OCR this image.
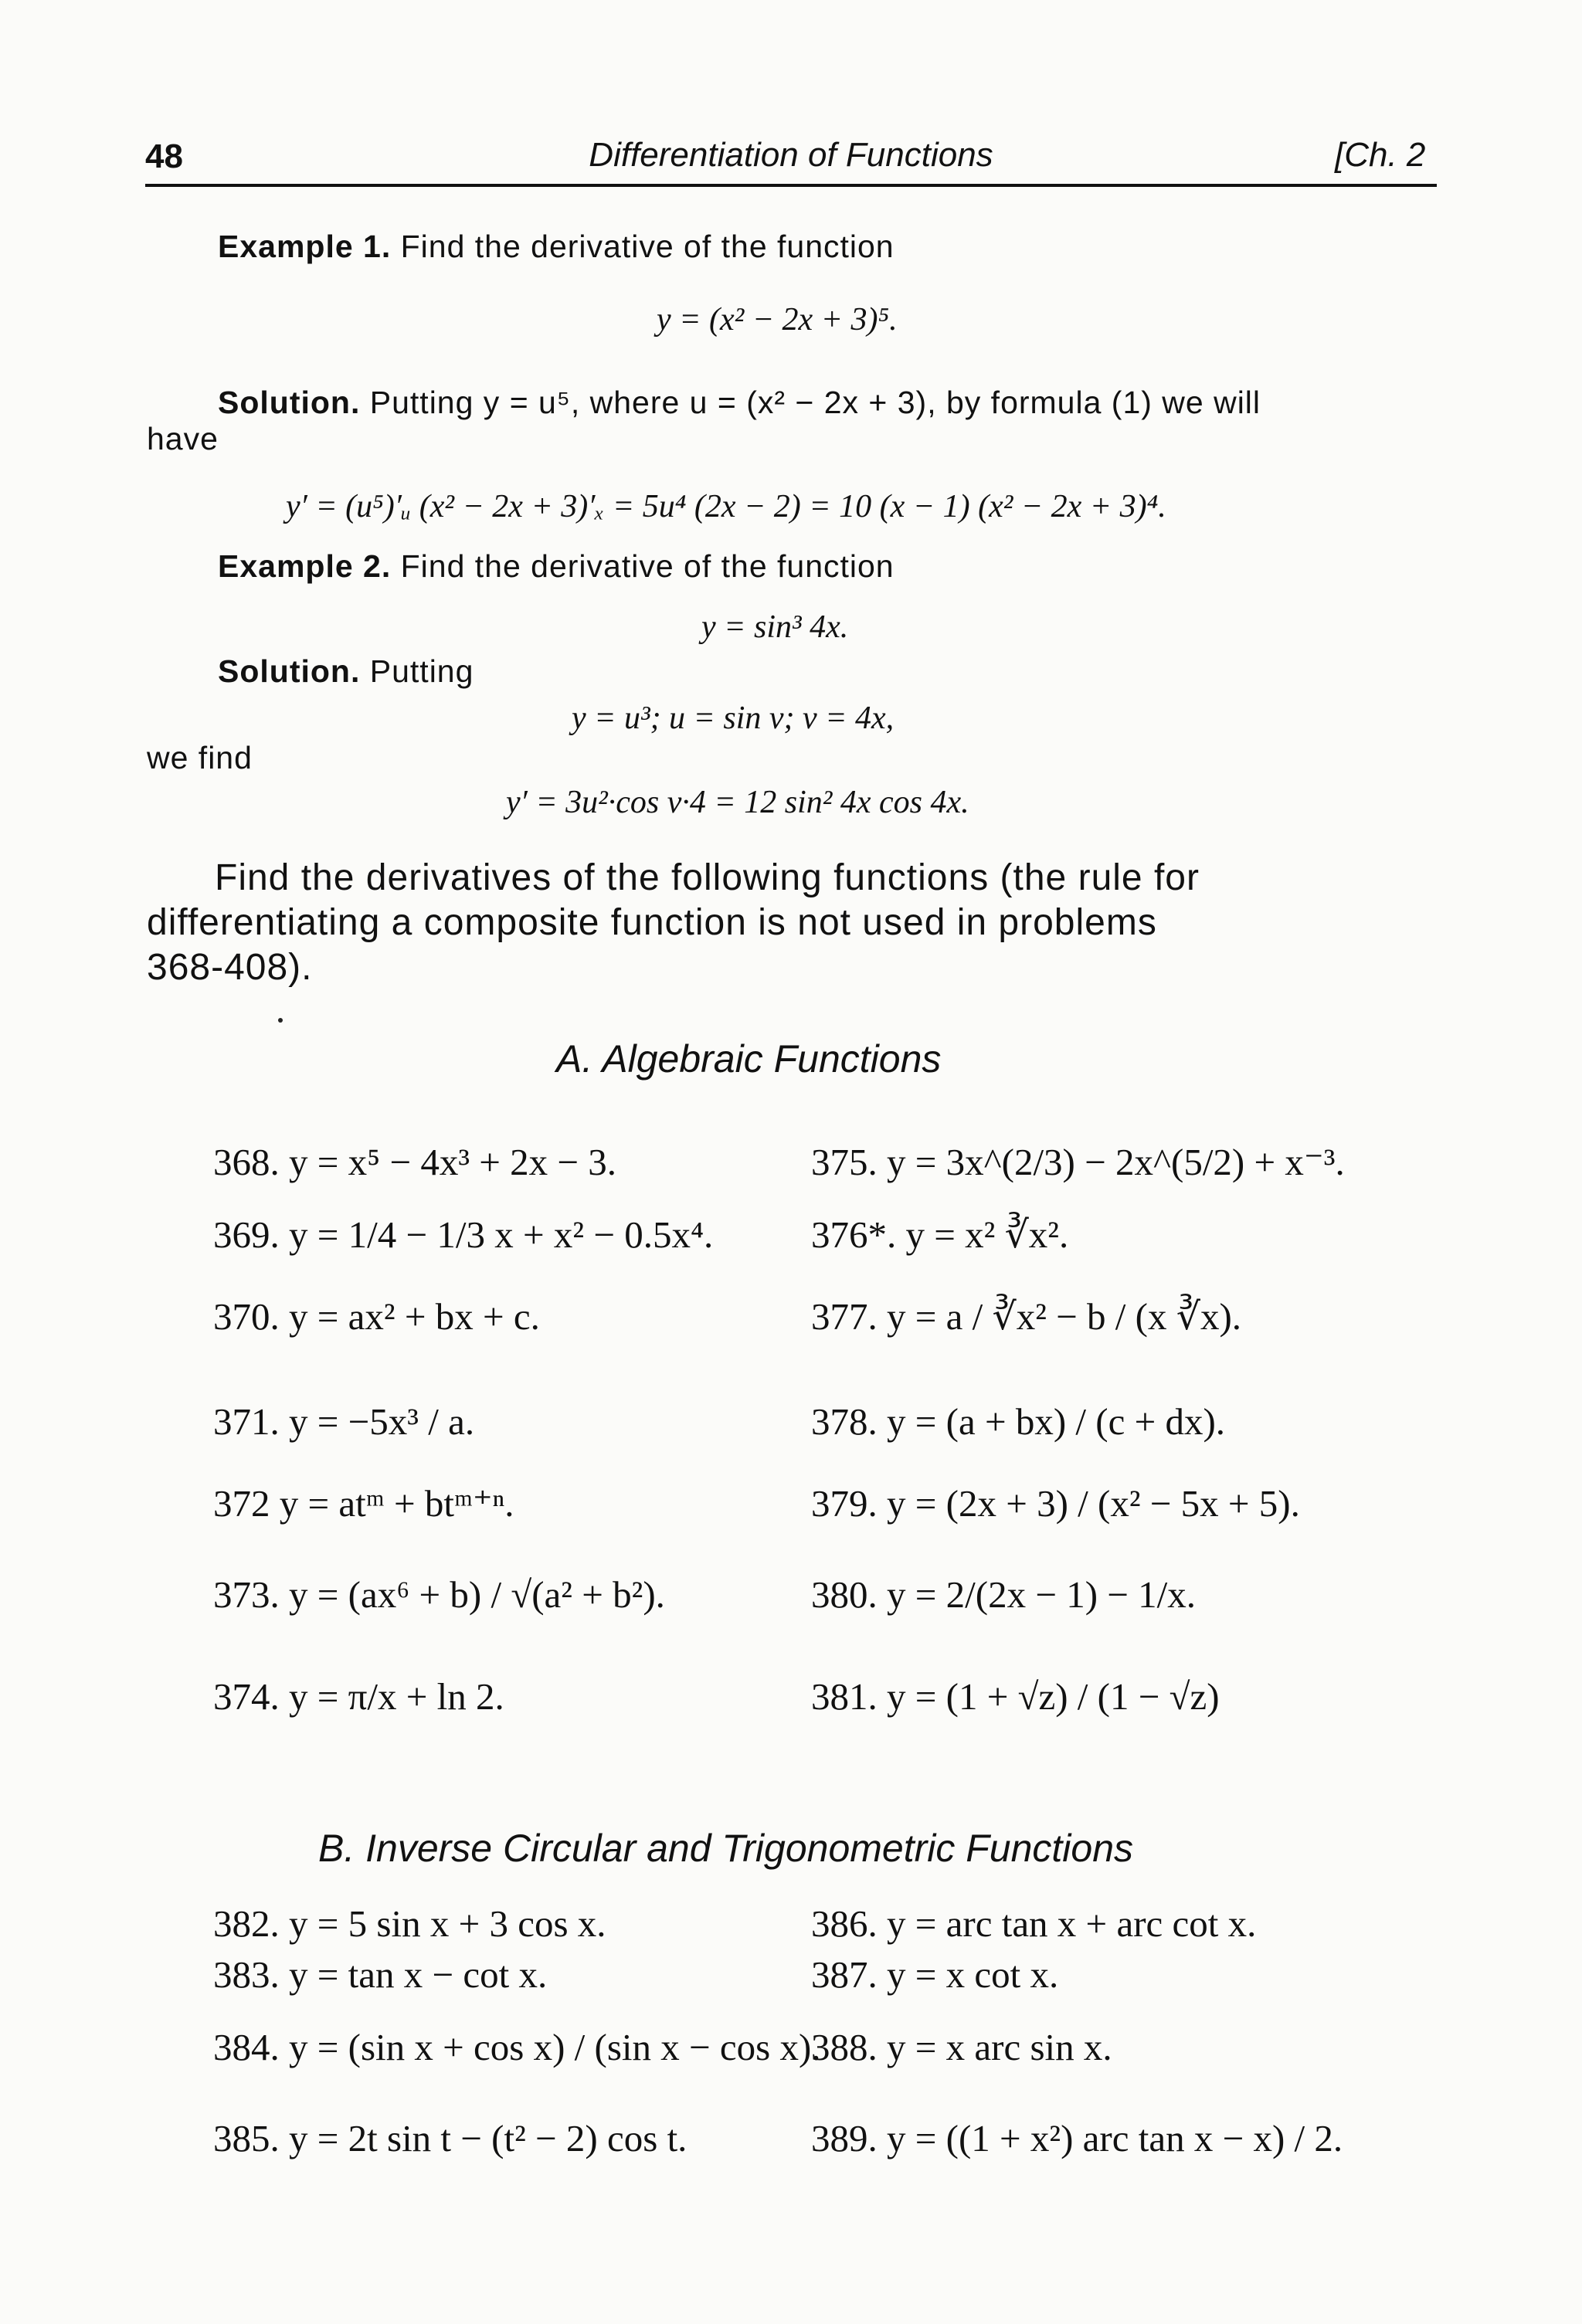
48	Differentiation of Functions	[Ch. 2
Example 1. Find the derivative of the function
y = (x² − 2x + 3)⁵.
Solution. Putting y = u⁵, where u = (x² − 2x + 3), by formula (1) we will
have
y′ = (u⁵)′ᵤ (x² − 2x + 3)′ₓ = 5u⁴ (2x − 2) = 10 (x − 1) (x² − 2x + 3)⁴.
Example 2. Find the derivative of the function
y = sin³ 4x.
Solution. Putting
y = u³; u = sin v; v = 4x,
we find
y′ = 3u²·cos v·4 = 12 sin² 4x cos 4x.
Find the derivatives of the following functions (the rule for
differentiating a composite function is not used in problems
368-408).
A. Algebraic Functions
368. y = x⁵ − 4x³ + 2x − 3.
369. y = 1/4 − 1/3 x + x² − 0.5x⁴.
370. y = ax² + bx + c.
371. y = −5x³ / a.
372 y = atᵐ + btᵐ⁺ⁿ.
373. y = (ax⁶ + b) / √(a² + b²).
374. y = π/x + ln 2.
375. y = 3x^(2/3) − 2x^(5/2) + x⁻³.
376*. y = x² ∛x².
377. y = a / ∛x² − b / (x ∛x).
378. y = (a + bx) / (c + dx).
379. y = (2x + 3) / (x² − 5x + 5).
380. y = 2/(2x − 1) − 1/x.
381. y = (1 + √z) / (1 − √z)
B. Inverse Circular and Trigonometric Functions
382. y = 5 sin x + 3 cos x.
383. y = tan x − cot x.
384. y = (sin x + cos x) / (sin x − cos x).
385. y = 2t sin t − (t² − 2) cos t.
386. y = arc tan x + arc cot x.
387. y = x cot x.
388. y = x arc sin x.
389. y = ((1 + x²) arc tan x − x) / 2.
